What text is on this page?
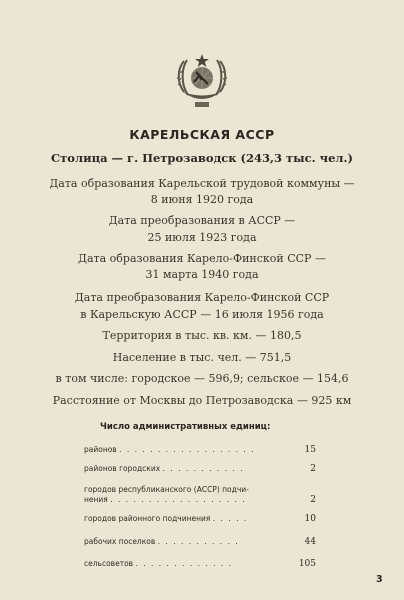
КАРЕЛЬСКАЯ АССР
Столица — г. Петрозаводск (243,3 тыс. чел.)
Дата образования Карельской трудовой коммуны —
8 июня 1920 года
Дата преобразования в АССР —
25 июля 1923 года
Дата образования Карело-Финской ССР —
31 марта 1940 года
Дата преобразования Карело-Финской ССР
в Карельскую АССР — 16 июля 1956 года
Территория в тыс. кв. км. — 180,5
Население в тыс. чел. — 751,5
в том числе: городское — 596,9; сельское — 154,6
Расстояние от Москвы до Петрозаводска — 925 км
Число административных единиц:
районов . . . . . . . . . . . . . . . . . .	15
районов городских . . . . . . . . . . .	2
городов республиканского (АССР) подчи-
нения . . . . . . . . . . . . . . . . . .	2
городов районного подчинения . . . . .	10
рабочих поселков . . . . . . . . . . .	44
сельсоветов . . . . . . . . . . . . .	105
3
